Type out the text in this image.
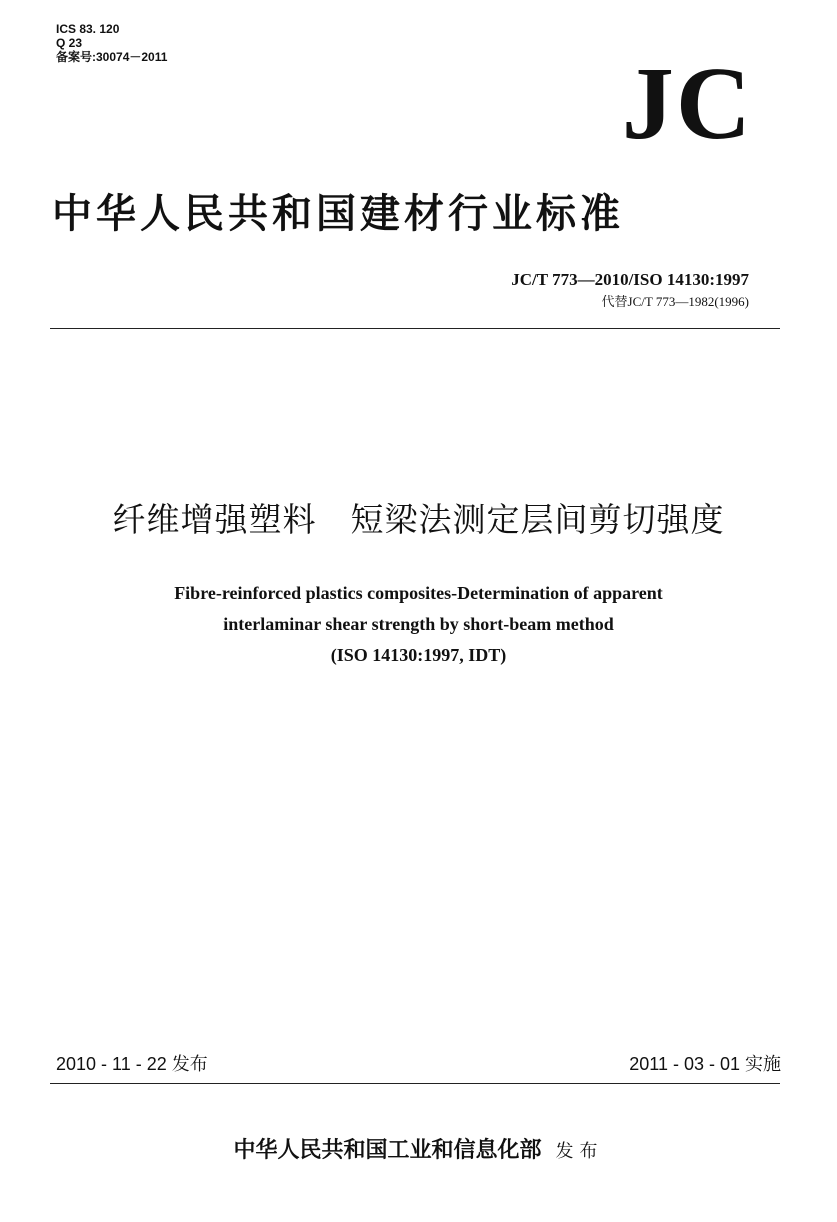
ICS 83. 120
Q 23
备案号:30074－2011	JC
中华人民共和国建材行业标准
JC/T 773—2010/ISO 14130:1997
代替JC/T 773—1982(1996)
纤维增强塑料　短梁法测定层间剪切强度
Fibre-reinforced plastics composites-Determination of apparent
interlaminar shear strength by short-beam method
(ISO 14130:1997, IDT)
2010 - 11 - 22 发布	2011 - 03 - 01 实施
中华人民共和国工业和信息化部 发布
